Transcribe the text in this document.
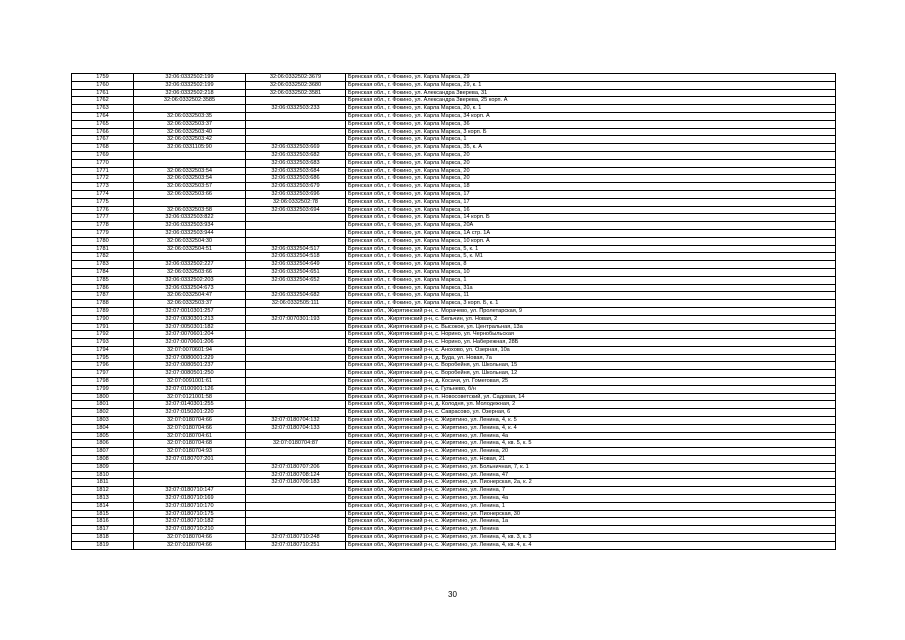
1759	32:06:0332502:199	32:06:0332502:3679	Брянская обл., г. Фокино, ул. Карла Маркса, 29
1760	32:06:0332502:199	32:06:0332502:3680	Брянская обл., г. Фокино, ул. Карла Маркса, 29, к. 1
1761	32:06:0332502:218	32:06:0332502:3581	Брянская обл., г. Фокино, ул. Александра Зверева, 31
1762	32:06:0332502:3585		Брянская обл., г. Фокино, ул. Александра Зверева, 25 корп. А
1763		32:06:0332503:233	Брянская обл., г. Фокино, ул. Карла Маркса, 20, к. 1
1764	32:06:0332503:35		Брянская обл., г. Фокино, ул. Карла Маркса, 34 корп. А
1765	32:06:0332503:37		Брянская обл., г. Фокино, ул. Карла Маркса, 36
1766	32:06:0332503:40		Брянская обл., г. Фокино, ул. Карла Маркса, 3 корп. Б
1767	32:06:0332503:42		Брянская обл., г. Фокино, ул. Карла Маркса, 1
1768	32:06:0331105:90	32:06:0332503:669	Брянская обл., г. Фокино, ул. Карла Маркса, 35, к. А
1769		32:06:0332503:682	Брянская обл., г. Фокино, ул. Карла Маркса, 20
1770		32:06:0332503:683	Брянская обл., г. Фокино, ул. Карла Маркса, 20
1771	32:06:0332503:54	32:06:0332503:684	Брянская обл., г. Фокино, ул. Карла Маркса, 20
1772	32:06:0332503:54	32:06:0332503:686	Брянская обл., г. Фокино, ул. Карла Маркса, 20
1773	32:06:0332503:57	32:06:0332503:679	Брянская обл., г. Фокино, ул. Карла Маркса, 18
1774	32:06:0332503:66	32:06:0332503:696	Брянская обл., г. Фокино, ул. Карла Маркса, 17
1775		32:06:0332502:78	Брянская обл., г. Фокино, ул. Карла Маркса, 17
1776	32:06:0332503:58	32:06:0332503:694	Брянская обл., г. Фокино, ул. Карла Маркса, 16
1777	32:06:0332503:822		Брянская обл., г. Фокино, ул. Карла Маркса, 14 корп. Б
1778	32:06:0332503:934		Брянская обл., г. Фокино, ул. Карла Маркса, 20А
1779	32:06:0332503:944		Брянская обл., г. Фокино, ул. Карла Маркса, 1А стр. 1А
1780	32:06:0332504:30		Брянская обл., г. Фокино, ул. Карла Маркса, 10 корп. А
1781	32:06:0332504:51	32:06:0332504:517	Брянская обл., г. Фокино, ул. Карла Маркса, 5, к. 1
1782		32:06:0332504:518	Брянская обл., г. Фокино, ул. Карла Маркса, 5, к. М1
1783	32:06:0332502:227	32:06:0332504:649	Брянская обл., г. Фокино, ул. Карла Маркса, 8
1784	32:06:0332503:66	32:06:0332504:651	Брянская обл., г. Фокино, ул. Карла Маркса, 10
1785	32:06:0332502:203	32:06:0332504:652	Брянская обл., г. Фокино, ул. Карла Маркса, 1
1786	32:06:0332504:673		Брянская обл., г. Фокино, ул. Карла Маркса, 31а
1787	32:06:0332504:47	32:06:0332504:682	Брянская обл., г. Фокино, ул. Карла Маркса, 11
1788	32:06:0332503:37	32:06:0332505:111	Брянская обл., г. Фокино, ул. Карла Маркса, 3 корп. Б, к. 1
1789	32:07:0010301:257		Брянская обл., Жирятинский р-н, с. Морачево, ул. Пролетарская, 9
1790	32:07:0030301:213	32:07:0070301:193	Брянская обл., Жирятинский р-н, с. Бельчин, ул. Новая, 2
1791	32:07:0050301:182		Брянская обл., Жирятинский р-н, с. Высокое, ул. Центральная, 13а
1792	32:07:0070601:204		Брянская обл., Жирятинский р-н, с. Норино, ул. Чернобыльская
1793	32:07:0070601:206		Брянская обл., Жирятинский р-н, с. Норино, ул. Набережная, 28Б
1794	32:07:0070601:94		Брянская обл., Жирятинский р-н, с. Анохово, ул. Озерная, 10а
1795	32:07:0080001:229		Брянская обл., Жирятинский р-н, д. Буда, ул. Новая, 7а
1796	32:07:0080501:237		Брянская обл., Жирятинский р-н, с. Воробейня, ул. Школьная, 15
1797	32:07:0080501:250		Брянская обл., Жирятинский р-н, с. Воробейня, ул. Школьная, 12
1798	32:07:0091001:61		Брянская обл., Жирятинский р-н, д. Косачи, ул. Гомеговая, 25
1799	32:07:0100901:126		Брянская обл., Жирятинский р-н, с. Гульнево, б/н
1800	32:07:0121001:58		Брянская обл., Жирятинский р-н, п. Новосоветский, ул. Садовая, 14
1801	32:07:0140301:255		Брянская обл., Жирятинский р-н, д. Колодня, ул. Молодежная, 2
1802	32:07:0150201:220		Брянская обл., Жирятинский р-н, с. Саврасово, ул. Озерная, 6
1803	32:07:0180704:66	32:07:0180704:132	Брянская обл., Жирятинский р-н, с. Жирятино, ул. Ленина, 4, к. 5
1804	32:07:0180704:66	32:07:0180704:133	Брянская обл., Жирятинский р-н, с. Жирятино, ул. Ленина, 4, к. 4
1805	32:07:0180704:61		Брянская обл., Жирятинский р-н, с. Жирятино, ул. Ленина, 4а
1806	32:07:0180704:68	32:07:0180704:87	Брянская обл., Жирятинский р-н, с. Жирятино, ул. Ленина, 4, кв. 5, к. 5
1807	32:07:0180704:93		Брянская обл., Жирятинский р-н, с. Жирятино, ул. Ленина, 20
1808	32:07:0180707:201		Брянская обл., Жирятинский р-н, с. Жирятино, ул. Новая, 21
1809		32:07:0180707:206	Брянская обл., Жирятинский р-н, с. Жирятино, ул. Больничная, 7, к. 1
1810		32:07:0180708:124	Брянская обл., Жирятинский р-н, с. Жирятино, ул. Ленина, 47
1811		32:07:0180709:183	Брянская обл., Жирятинский р-н, с. Жирятино, ул. Пионерская, 2а, к. 2
1812	32:07:0180710:147		Брянская обл., Жирятинский р-н, с. Жирятино, ул. Ленина, 7
1813	32:07:0180710:169		Брянская обл., Жирятинский р-н, с. Жирятино, ул. Ленина, 4а
1814	32:07:0180710:170		Брянская обл., Жирятинский р-н, с. Жирятино, ул. Ленина, 1
1815	32:07:0180710:175		Брянская обл., Жирятинский р-н, с. Жирятино, ул. Пионерская, 30
1816	32:07:0180710:182		Брянская обл., Жирятинский р-н, с. Жирятино, ул. Ленина, 1а
1817	32:07:0180710:210		Брянская обл., Жирятинский р-н, с. Жирятино, ул. Ленина
1818	32:07:0180704:66	32:07:0180710:248	Брянская обл., Жирятинский р-н, с. Жирятино, ул. Ленина, 4, кв. 3, к. 3
1819	32:07:0180704:66	32:07:0180710:251	Брянская обл., Жирятинский р-н, с. Жирятино, ул. Ленина, 4, кв. 4, к. 4
30
